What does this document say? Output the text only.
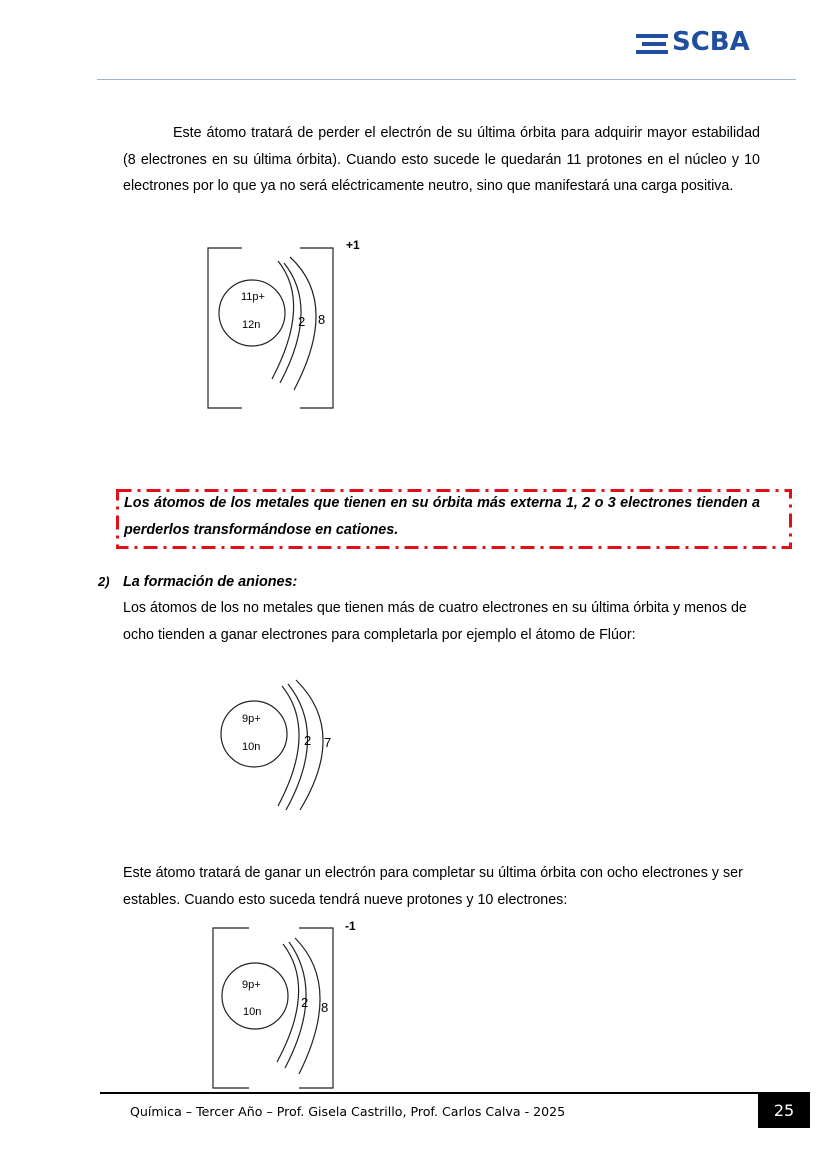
SCBA

Este átomo tratará de perder el electrón de su última órbita para adquirir mayor estabilidad (8 electrones en su última órbita). Cuando esto sucede le quedarán 11 protones en el núcleo y 10 electrones por lo que ya no será eléctricamente neutro, sino que manifestará una carga positiva.

+1
11p+
12n	2 8

Los átomos de los metales que tienen en su órbita más externa 1, 2 o 3 electrones tienden a perderlos transformándose en cationes.

2) La formación de aniones:

Los átomos de los no metales que tienen más de cuatro electrones en su última órbita y menos de ocho tienden a ganar electrones para completarla por ejemplo el átomo de Flúor:

9p+
10n	2 7

Este átomo tratará de ganar un electrón para completar su última órbita con ocho electrones y ser estables. Cuando esto suceda tendrá nueve protones y 10 electrones:

-1
9p+
10n
2 8
Química – Tercer Año – Prof. Gisela Castrillo, Prof. Carlos Calva - 2025	25
